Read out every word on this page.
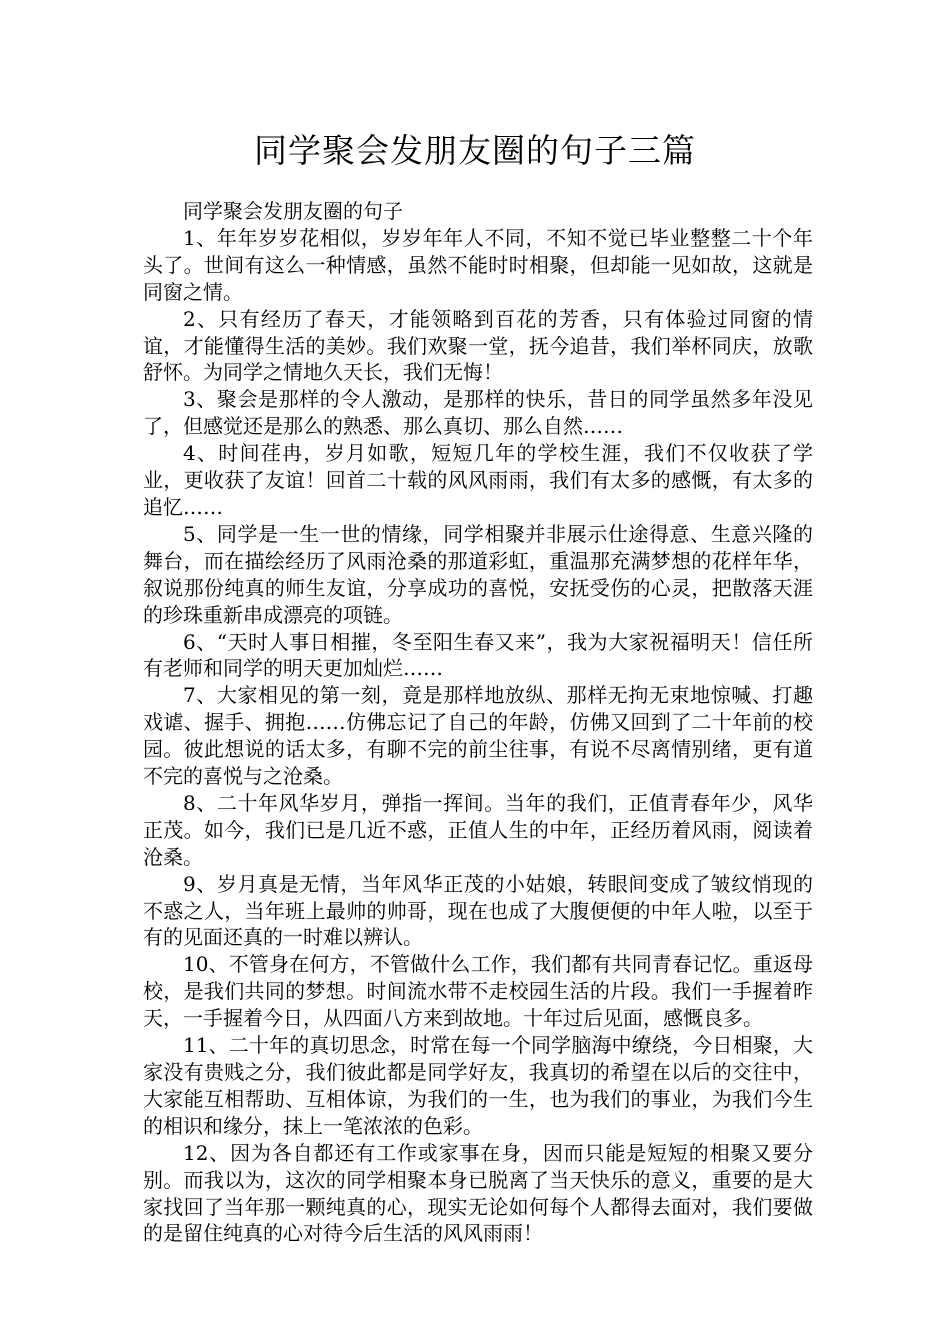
同学聚会发朋友圈的句子三篇

同学聚会发朋友圈的句子

1、年年岁岁花相似，岁岁年年人不同，不知不觉已毕业整整二十个年头了。世间有这么一种情感，虽然不能时时相聚，但却能一见如故，这就是同窗之情。

2、只有经历了春天，才能领略到百花的芳香，只有体验过同窗的情谊，才能懂得生活的美妙。我们欢聚一堂，抚今追昔，我们举杯同庆，放歌舒怀。为同学之情地久天长，我们无悔！

3、聚会是那样的令人激动，是那样的快乐，昔日的同学虽然多年没见了，但感觉还是那么的熟悉、那么真切、那么自然……

4、时间荏冉，岁月如歌，短短几年的学校生涯，我们不仅收获了学业，更收获了友谊！回首二十载的风风雨雨，我们有太多的感慨，有太多的追忆……

5、同学是一生一世的情缘，同学相聚并非展示仕途得意、生意兴隆的舞台，而在描绘经历了风雨沧桑的那道彩虹，重温那充满梦想的花样年华，叙说那份纯真的师生友谊，分享成功的喜悦，安抚受伤的心灵，把散落天涯的珍珠重新串成漂亮的项链。

6、“天时人事日相摧，冬至阳生春又来”，我为大家祝福明天！信任所有老师和同学的明天更加灿烂……

7、大家相见的第一刻，竟是那样地放纵、那样无拘无束地惊喊、打趣戏谑、握手、拥抱……仿佛忘记了自己的年龄，仿佛又回到了二十年前的校园。彼此想说的话太多，有聊不完的前尘往事，有说不尽离情别绪，更有道不完的喜悦与之沧桑。

8、二十年风华岁月，弹指一挥间。当年的我们，正值青春年少，风华正茂。如今，我们已是几近不惑，正值人生的中年，正经历着风雨，阅读着沧桑。

9、岁月真是无情，当年风华正茂的小姑娘，转眼间变成了皱纹悄现的不惑之人，当年班上最帅的帅哥，现在也成了大腹便便的中年人啦，以至于有的见面还真的一时难以辨认。

10、不管身在何方，不管做什么工作，我们都有共同青春记忆。重返母校，是我们共同的梦想。时间流水带不走校园生活的片段。我们一手握着昨天，一手握着今日，从四面八方来到故地。十年过后见面，感慨良多。

11、二十年的真切思念，时常在每一个同学脑海中缭绕，今日相聚，大家没有贵贱之分，我们彼此都是同学好友，我真切的希望在以后的交往中，大家能互相帮助、互相体谅，为我们的一生，也为我们的事业，为我们今生的相识和缘分，抹上一笔浓浓的色彩。

12、因为各自都还有工作或家事在身，因而只能是短短的相聚又要分别。而我以为，这次的同学相聚本身已脱离了当天快乐的意义，重要的是大家找回了当年那一颗纯真的心，现实无论如何每个人都得去面对，我们要做的是留住纯真的心对待今后生活的风风雨雨！
